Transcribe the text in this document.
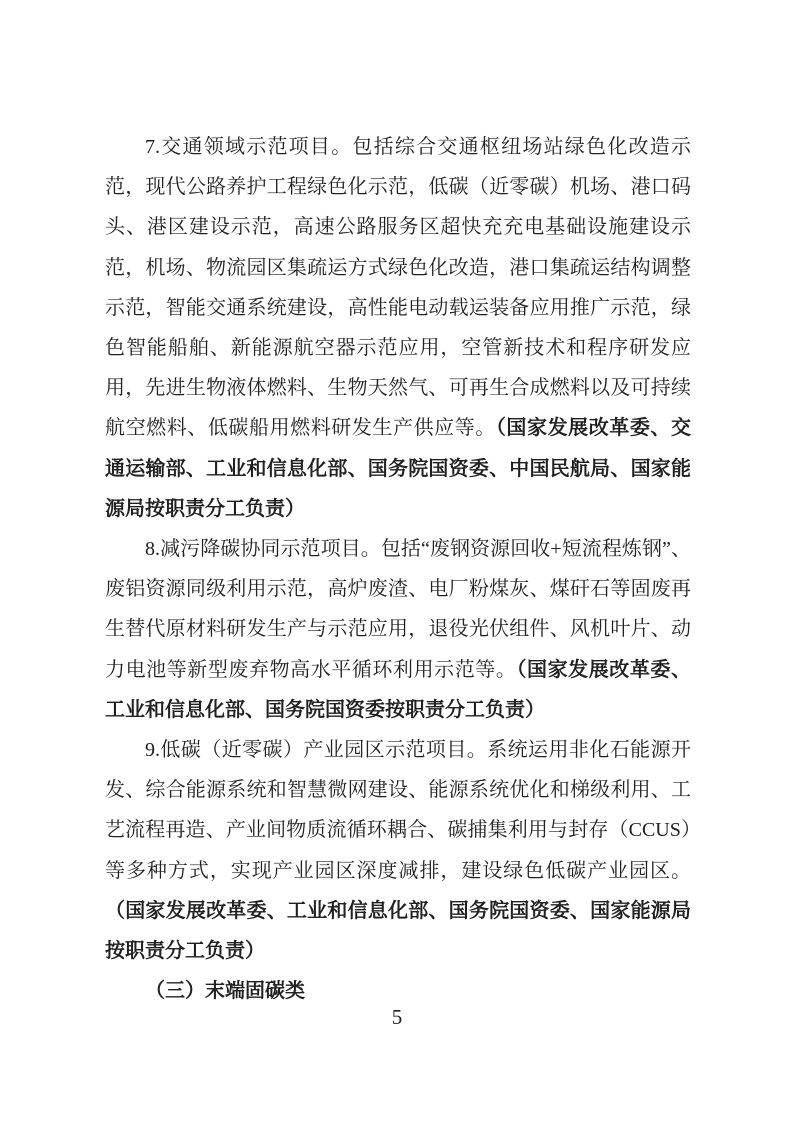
7.交通领域示范项目。包括综合交通枢纽场站绿色化改造示范，现代公路养护工程绿色化示范，低碳（近零碳）机场、港口码头、港区建设示范，高速公路服务区超快充充电基础设施建设示范，机场、物流园区集疏运方式绿色化改造，港口集疏运结构调整示范，智能交通系统建设，高性能电动载运装备应用推广示范，绿色智能船舶、新能源航空器示范应用，空管新技术和程序研发应用，先进生物液体燃料、生物天然气、可再生合成燃料以及可持续航空燃料、低碳船用燃料研发生产供应等。（国家发展改革委、交通运输部、工业和信息化部、国务院国资委、中国民航局、国家能源局按职责分工负责）

8.减污降碳协同示范项目。包括“废钢资源回收+短流程炼钢”、废铝资源同级利用示范，高炉废渣、电厂粉煤灰、煤矸石等固废再生替代原材料研发生产与示范应用，退役光伏组件、风机叶片、动力电池等新型废弃物高水平循环利用示范等。（国家发展改革委、工业和信息化部、国务院国资委按职责分工负责）

9.低碳（近零碳）产业园区示范项目。系统运用非化石能源开发、综合能源系统和智慧微网建设、能源系统优化和梯级利用、工艺流程再造、产业间物质流循环耦合、碳捕集利用与封存（CCUS）等多种方式，实现产业园区深度减排，建设绿色低碳产业园区。（国家发展改革委、工业和信息化部、国务院国资委、国家能源局按职责分工负责）

（三）末端固碳类

5
